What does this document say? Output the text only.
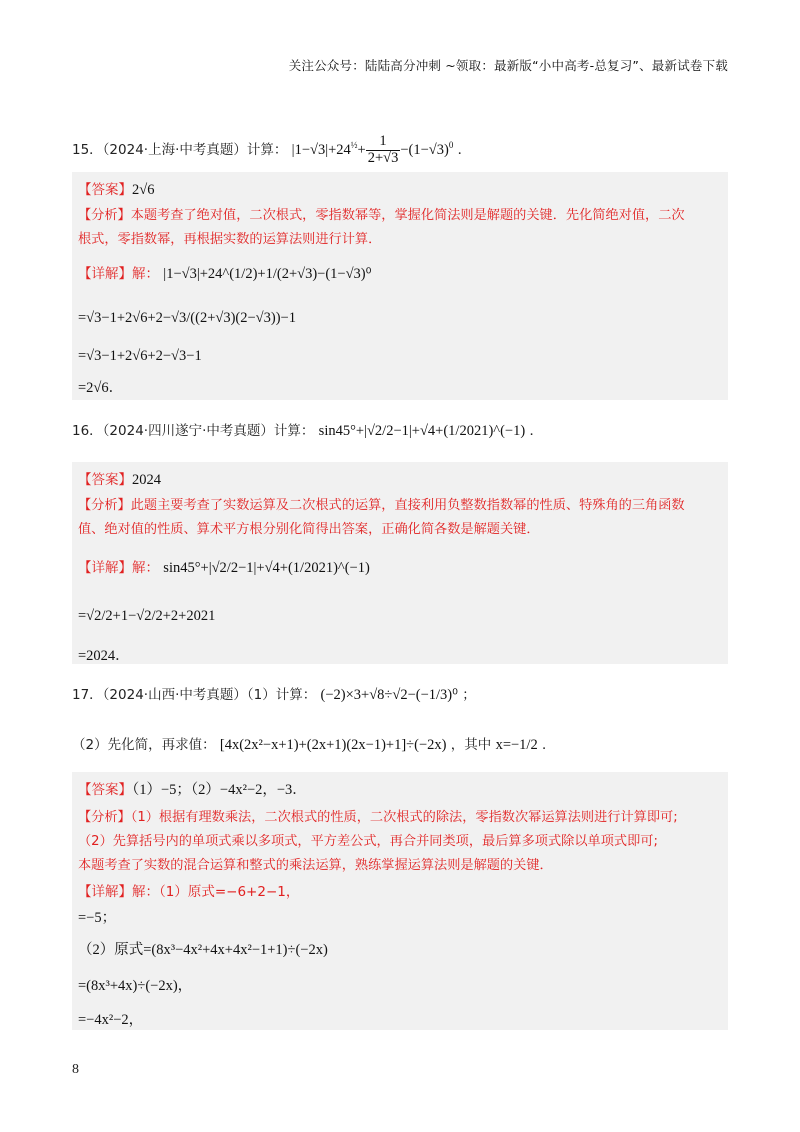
关注公众号：陆陆高分冲刺 ~领取：最新版“小中高考-总复习”、最新试卷下载
15．（2024·上海·中考真题）计算： $|1-√3|+24^{\frac{1}{2}}+ \frac{1}{2+√3} -(1-√3)^0$ ．
【答案】2√6
【分析】本题考查了绝对值，二次根式，零指数幂等，掌握化简法则是解题的关键．先化简绝对值，二次
根式，零指数幂，再根据实数的运算法则进行计算．
【详解】解： |1−√3|+24^(1/2)+1/(2+√3)−(1−√3)⁰
=√3−1+2√6+2−√3/((2+√3)(2−√3))−1
=√3−1+2√6+2−√3−1
=2√6．
16．（2024·四川遂宁·中考真题）计算： sin45°+|√2/2−1|+√4+(1/2021)^(−1) ．
【答案】2024
【分析】此题主要考查了实数运算及二次根式的运算，直接利用负整数指数幂的性质、特殊角的三角函数
值、绝对值的性质、算术平方根分别化简得出答案，正确化简各数是解题关键．
【详解】解： sin45°+|√2/2−1|+√4+(1/2021)^(−1)
=√2/2+1−√2/2+2+2021
=2024．
17．（2024·山西·中考真题）（1）计算： (−2)×3+√8÷√2−(−1/3)⁰ ；
（2）先化简，再求值： [4x(2x²−x+1)+(2x+1)(2x−1)+1]÷(−2x) ，其中 x=−1/2 ．
【答案】（1）−5；（2）−4x²−2，−3．
【分析】（1）根据有理数乘法，二次根式的性质，二次根式的除法，零指数次幂运算法则进行计算即可;
（2）先算括号内的单项式乘以多项式，平方差公式，再合并同类项，最后算多项式除以单项式即可;
本题考查了实数的混合运算和整式的乘法运算，熟练掌握运算法则是解题的关键．
【详解】解：（1）原式=−6+2−1，
=−5；
（2）原式=(8x³−4x²+4x+4x²−1+1)÷(−2x)
=(8x³+4x)÷(−2x)，
=−4x²−2，
8
